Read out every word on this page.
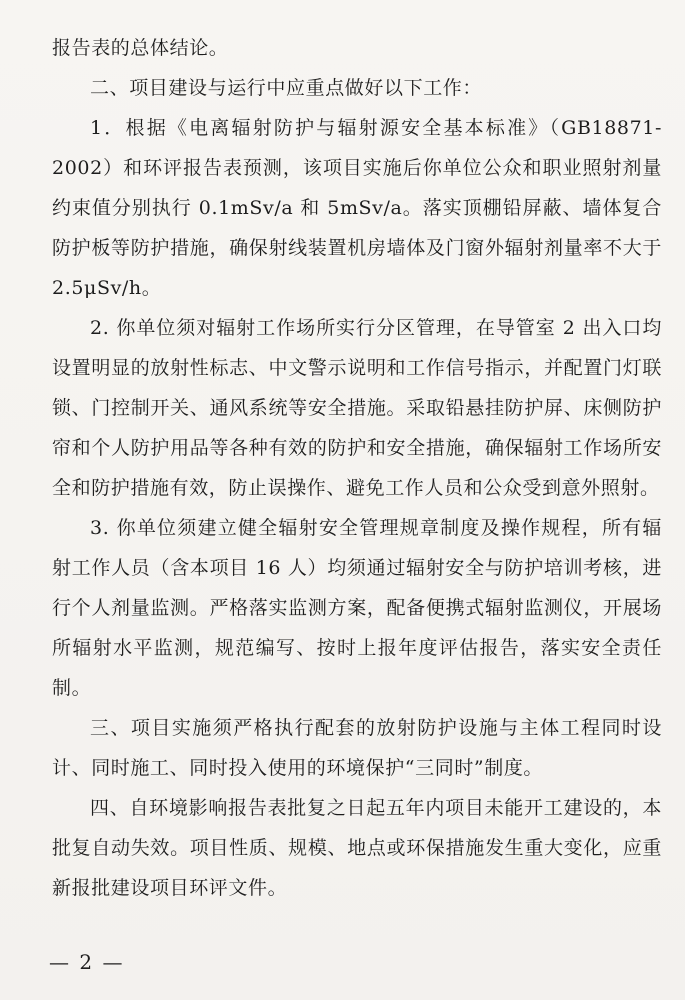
报告表的总体结论。

二、项目建设与运行中应重点做好以下工作：

1．根据《电离辐射防护与辐射源安全基本标准》（GB18871-2002）和环评报告表预测，该项目实施后你单位公众和职业照射剂量约束值分别执行 0.1mSv/a 和 5mSv/a。落实顶棚铅屏蔽、墙体复合防护板等防护措施，确保射线装置机房墙体及门窗外辐射剂量率不大于 2.5μSv/h。

2. 你单位须对辐射工作场所实行分区管理，在导管室 2 出入口均设置明显的放射性标志、中文警示说明和工作信号指示，并配置门灯联锁、门控制开关、通风系统等安全措施。采取铅悬挂防护屏、床侧防护帘和个人防护用品等各种有效的防护和安全措施，确保辐射工作场所安全和防护措施有效，防止误操作、避免工作人员和公众受到意外照射。

3. 你单位须建立健全辐射安全管理规章制度及操作规程，所有辐射工作人员（含本项目 16 人）均须通过辐射安全与防护培训考核，进行个人剂量监测。严格落实监测方案，配备便携式辐射监测仪，开展场所辐射水平监测，规范编写、按时上报年度评估报告，落实安全责任制。

三、项目实施须严格执行配套的放射防护设施与主体工程同时设计、同时施工、同时投入使用的环境保护“三同时”制度。

四、自环境影响报告表批复之日起五年内项目未能开工建设的，本批复自动失效。项目性质、规模、地点或环保措施发生重大变化，应重新报批建设项目环评文件。

— 2 —
